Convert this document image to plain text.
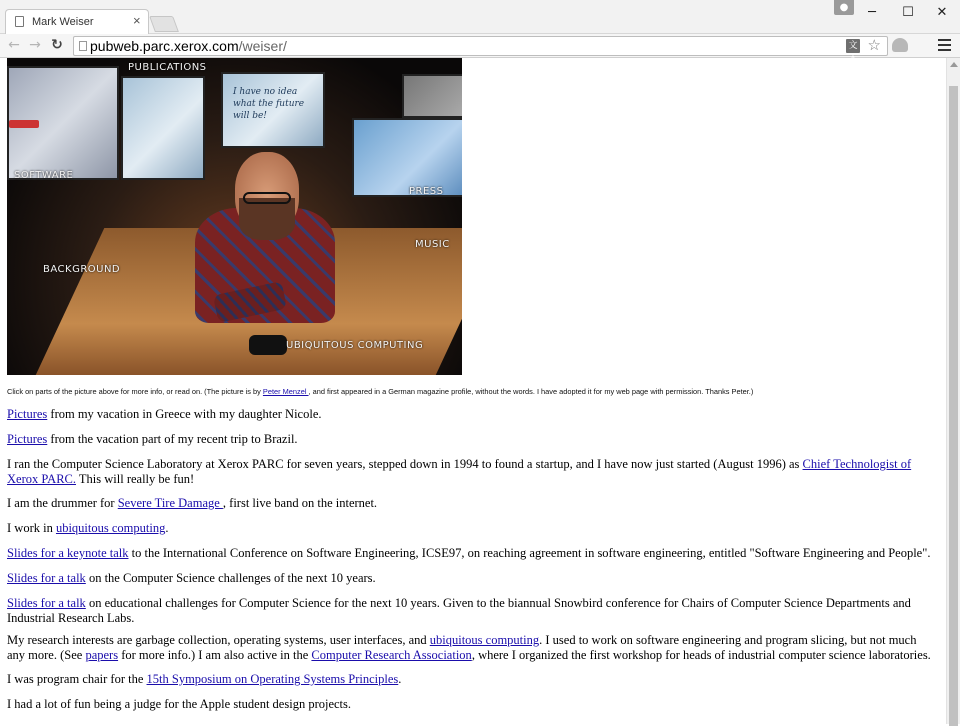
Mark Weiser	×
●	─	☐	✕
← → ↻ pubweb.parc.xerox.com/weiser/	文A
☆
I have no idea what the future will be!
PUBLICATIONS
SOFTWARE
PRESS
MUSIC
BACKGROUND
UBIQUITOUS COMPUTING
Click on parts of the picture above for more info, or read on. (The picture is by Peter Menzel , and first appeared in a German magazine profile, without the words. I have adopted it for my web page with permission. Thanks Peter.)
Pictures from my vacation in Greece with my daughter Nicole.
Pictures from the vacation part of my recent trip to Brazil.
I ran the Computer Science Laboratory at Xerox PARC for seven years, stepped down in 1994 to found a startup, and I have now just started (August 1996) as Chief Technologist of Xerox PARC. This will really be fun!
I am the drummer for Severe Tire Damage , first live band on the internet.
I work in ubiquitous computing.
Slides for a keynote talk to the International Conference on Software Engineering, ICSE97, on reaching agreement in software engineering, entitled "Software Engineering and People".
Slides for a talk on the Computer Science challenges of the next 10 years.
Slides for a talk on educational challenges for Computer Science for the next 10 years. Given to the biannual Snowbird conference for Chairs of Computer Science Departments and Industrial Research Labs.
My research interests are garbage collection, operating systems, user interfaces, and ubiquitous computing. I used to work on software engineering and program slicing, but not much any more. (See papers for more info.) I am also active in the Computer Research Association, where I organized the first workshop for heads of industrial computer science laboratories.
I was program chair for the 15th Symposium on Operating Systems Principles.
I had a lot of fun being a judge for the Apple student design projects.
